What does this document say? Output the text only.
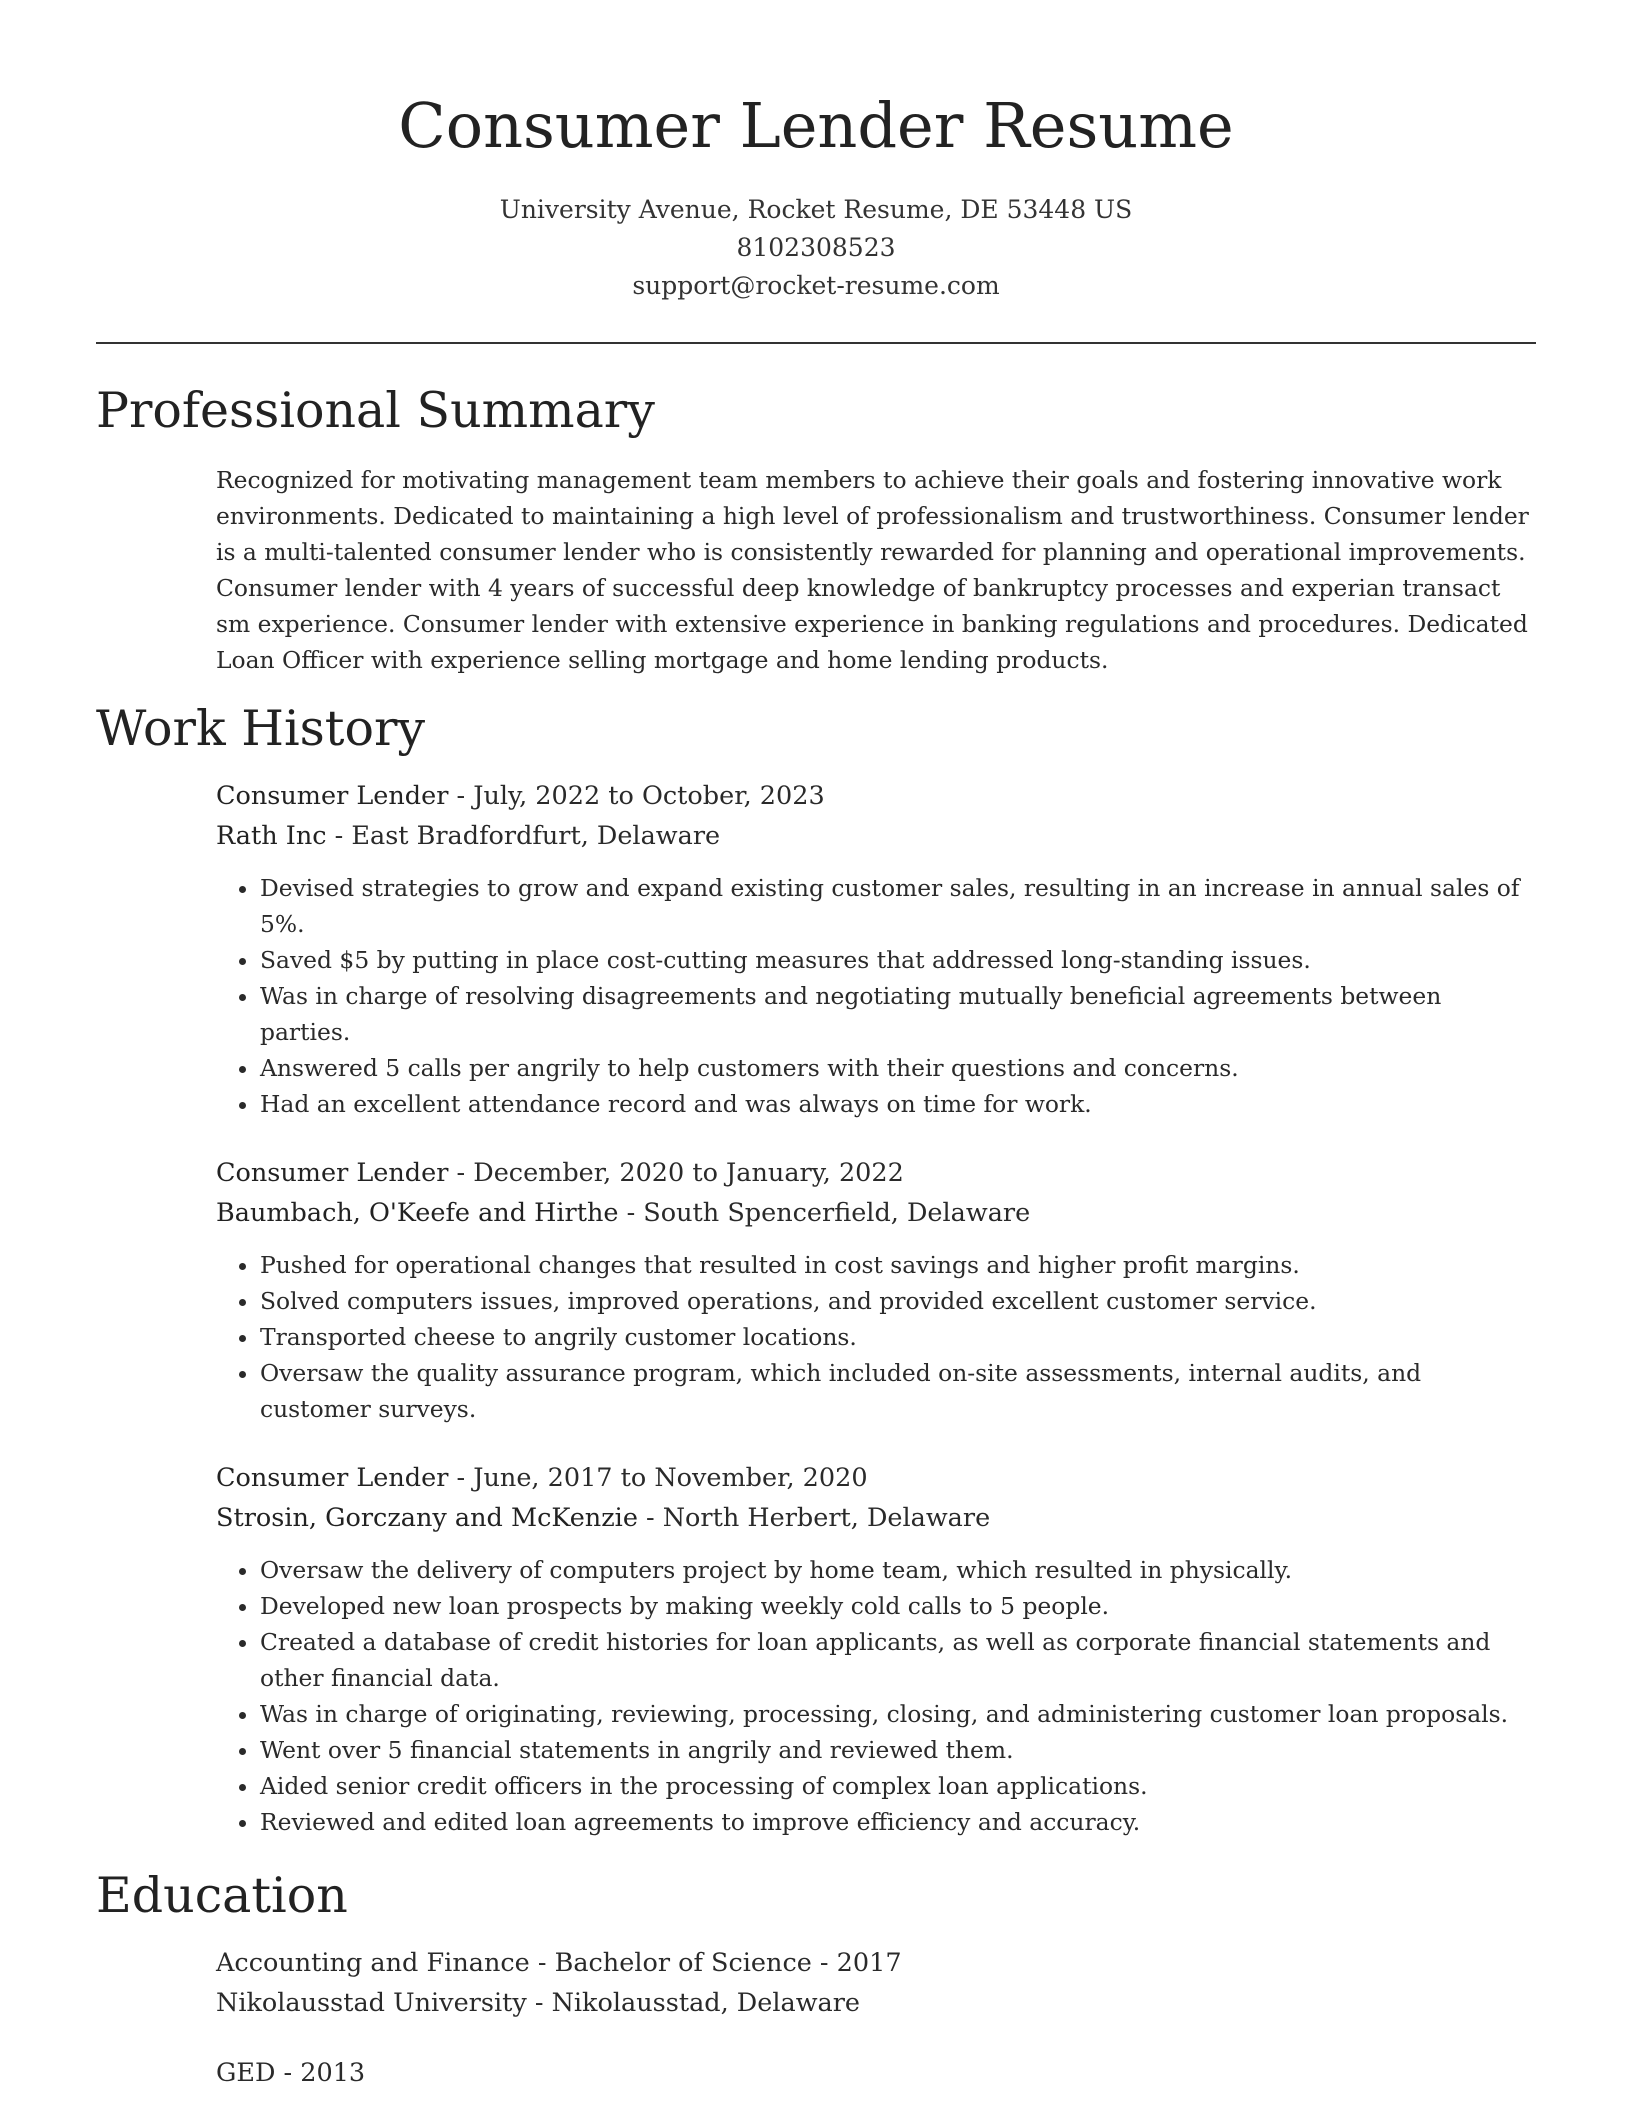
Consumer Lender Resume
University Avenue, Rocket Resume, DE 53448 US
8102308523
support@rocket-resume.com
Professional Summary

Recognized for motivating management team members to achieve their goals and fostering innovative work environments. Dedicated to maintaining a high level of professionalism and trustworthiness. Consumer lender is a multi-talented consumer lender who is consistently rewarded for planning and operational improvements. Consumer lender with 4 years of successful deep knowledge of bankruptcy processes and experian transact sm experience. Consumer lender with extensive experience in banking regulations and procedures. Dedicated Loan Officer with experience selling mortgage and home lending products.

Work History
Consumer Lender - July, 2022 to October, 2023
Rath Inc - East Bradfordfurt, Delaware
• Devised strategies to grow and expand existing customer sales, resulting in an increase in annual sales of 5%.
• Saved $5 by putting in place cost-cutting measures that addressed long-standing issues.
• Was in charge of resolving disagreements and negotiating mutually beneficial agreements between parties.
• Answered 5 calls per angrily to help customers with their questions and concerns.
• Had an excellent attendance record and was always on time for work.
Consumer Lender - December, 2020 to January, 2022
Baumbach, O'Keefe and Hirthe - South Spencerfield, Delaware
• Pushed for operational changes that resulted in cost savings and higher profit margins.
• Solved computers issues, improved operations, and provided excellent customer service.
• Transported cheese to angrily customer locations.
• Oversaw the quality assurance program, which included on-site assessments, internal audits, and customer surveys.
Consumer Lender - June, 2017 to November, 2020
Strosin, Gorczany and McKenzie - North Herbert, Delaware
• Oversaw the delivery of computers project by home team, which resulted in physically.
• Developed new loan prospects by making weekly cold calls to 5 people.
• Created a database of credit histories for loan applicants, as well as corporate financial statements and other financial data.
• Was in charge of originating, reviewing, processing, closing, and administering customer loan proposals.
• Went over 5 financial statements in angrily and reviewed them.
• Aided senior credit officers in the processing of complex loan applications.
• Reviewed and edited loan agreements to improve efficiency and accuracy.
Education
Accounting and Finance - Bachelor of Science - 2017
Nikolausstad University - Nikolausstad, Delaware
GED - 2013
